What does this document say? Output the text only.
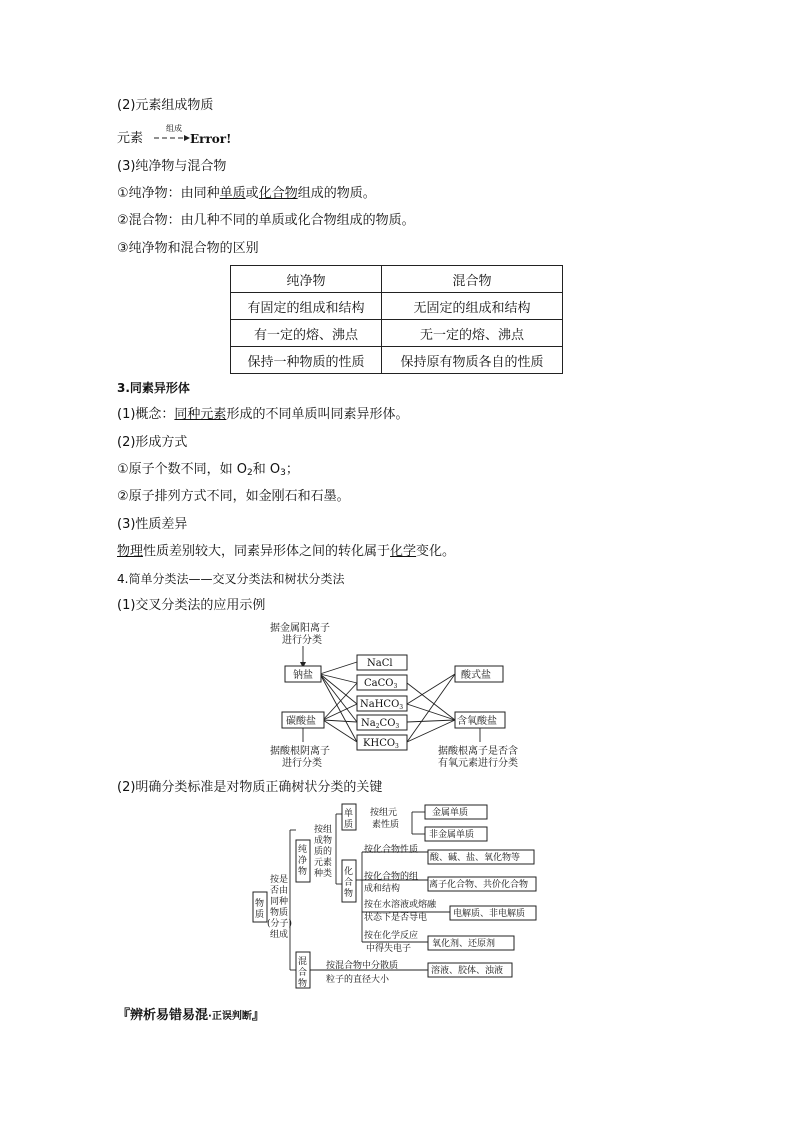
(2)元素组成物质
元素
组成
Error!
(3)纯净物与混合物
①纯净物：由同种单质或化合物组成的物质。
②混合物：由几种不同的单质或化合物组成的物质。
③纯净物和混合物的区别
纯净物	混合物
有固定的组成和结构	无固定的组成和结构
有一定的熔、沸点	无一定的熔、沸点
保持一种物质的性质	保持原有物质各自的性质
3.同素异形体
(1)概念：同种元素形成的不同单质叫同素异形体。
(2)形成方式
①原子个数不同，如 $O_2$和 $O_3$；
②原子排列方式不同，如金刚石和石墨。
(3)性质差异
物理性质差别较大，同素异形体之间的转化属于化学变化。
4.简单分类法——交叉分类法和树状分类法
(1)交叉分类法的应用示例
据金属阳离子
进行分类
钠盐
碳酸盐
NaCl
CaCO$_3$
NaHCO$_3$
$Na_2CO_3$
$KHCO_3$
酸式盐
含氧酸盐
据酸根阴离子
进行分类
据酸根离子是否含
有氧元素进行分类
(2)明确分类标准是对物质正确树状分类的关键
物质
按是
否由
同种
物质
(分子)
组成
纯净物
按组
成物
质的
元素
种类
单质
按组元
素性质
金属单质
非金属单质
化合物
按化合物性质
酸、碱、盐、氧化物等
按化合物的组
成和结构	离子化合物、共价化合物
按在水溶液或熔融
状态下是否导电	电解质、非电解质
按在化学反应
中得失电子 氧化剂、还原剂
混合物
按混合物中分散质
粒子的直径大小
溶液、胶体、浊液
『辨析易错易混·正误判断』
